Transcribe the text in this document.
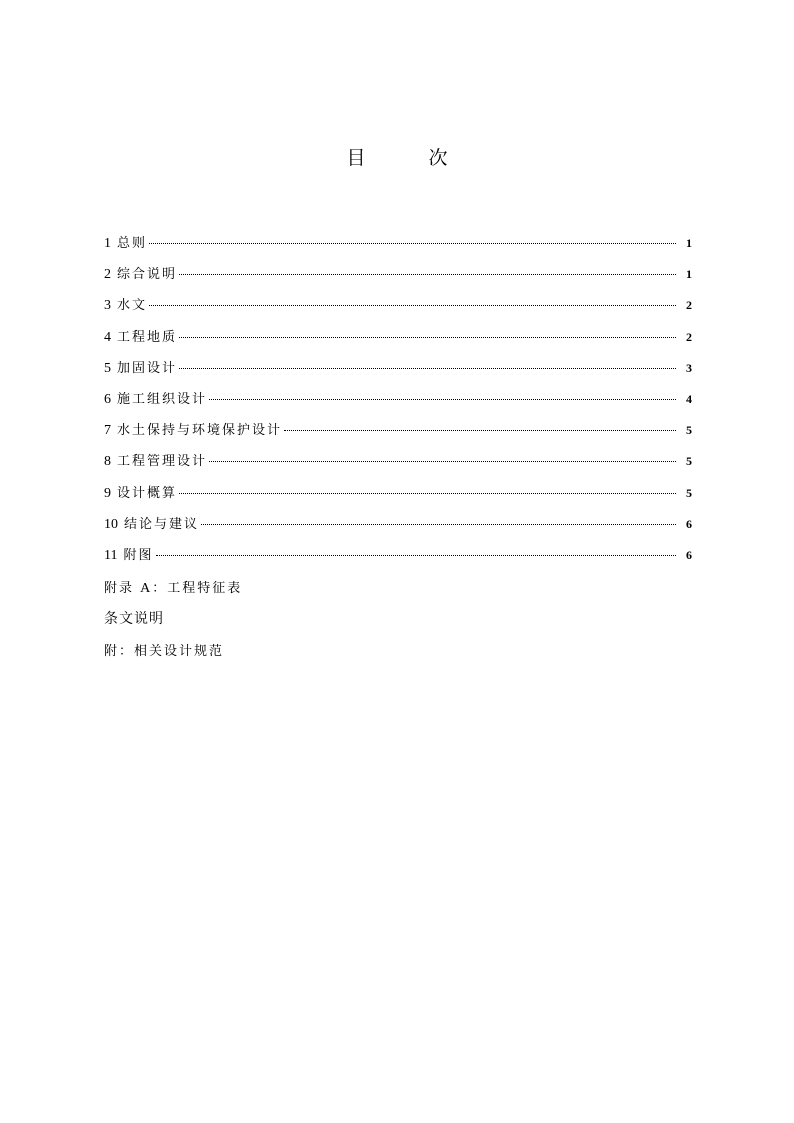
目　次
1 总则	1
2 综合说明	1
3 水文	2
4 工程地质	2
5 加固设计	3
6 施工组织设计	4
7 水土保持与环境保护设计	5
8 工程管理设计	5
9 设计概算	5
10 结论与建议	6
11 附图	6
附录 A：工程特征表
条文说明
附：相关设计规范
